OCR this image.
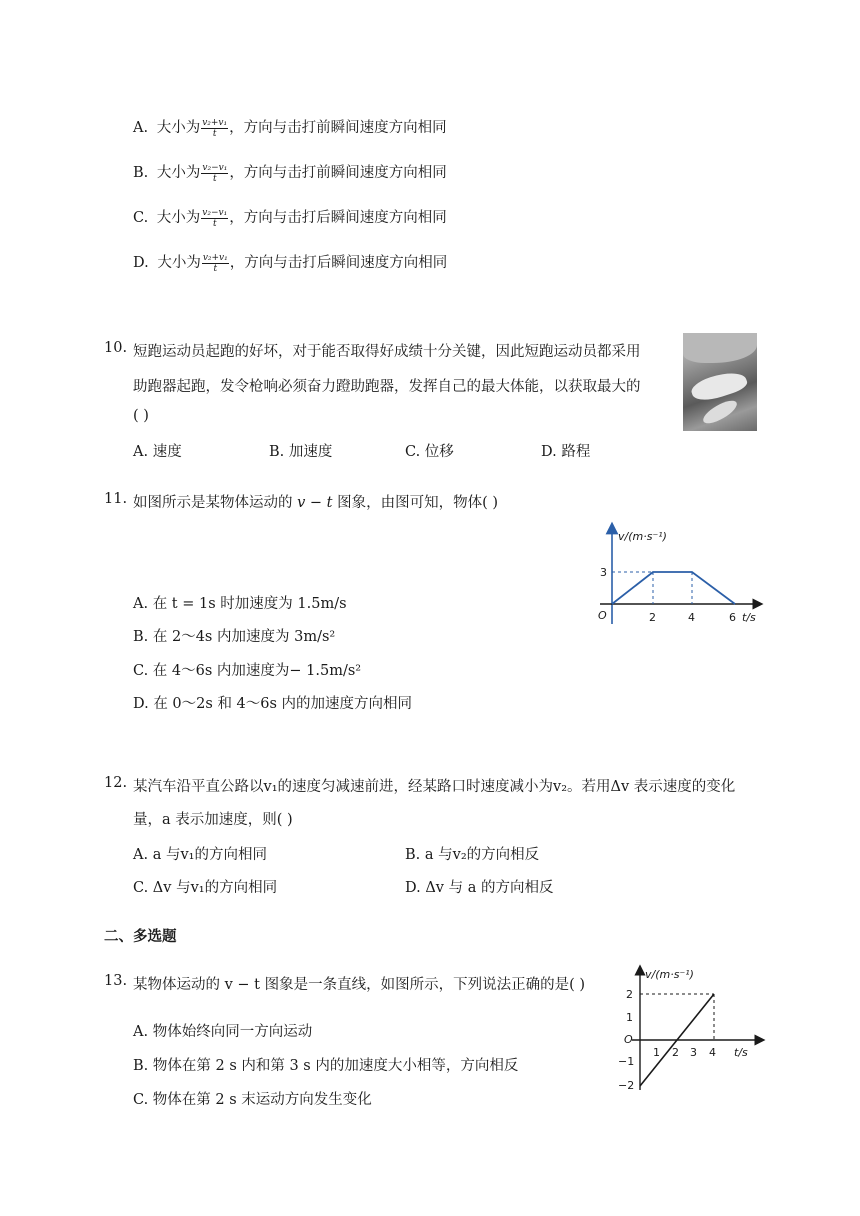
A. 大小为 $\frac{\text{v₂+v₁}}{t}$ ，方向与击打前瞬间速度方向相同
B. 大小为 $\frac{\text{v₂−v₁}}{t}$ ，方向与击打前瞬间速度方向相同
C. 大小为 $\frac{\text{v₂−v₁}}{t}$ ，方向与击打后瞬间速度方向相同
D. 大小为 $\frac{\text{v₂+v₁}}{t}$ ，方向与击打后瞬间速度方向相同
10. 短跑运动员起跑的好坏，对于能否取得好成绩十分关键，因此短跑运动员都采用
助跑器起跑，发令枪响必须奋力蹬助跑器，发挥自己的最大体能，以获取最大的
( )
A. 速度	B. 加速度	C. 位移	D. 路程
11. 如图所示是某物体运动的 v − t 图象，由图可知，物体( )
A. 在 t = 1s 时加速度为 1.5m/s
B. 在 2～4s 内加速度为 3m/s²
C. 在 4～6s 内加速度为− 1.5m/s²
D. 在 0～2s 和 4～6s 内的加速度方向相同
v/(m·s⁻¹)
3
O	2	4	6 t/s
12. 某汽车沿平直公路以v₁的速度匀减速前进，经某路口时速度减小为v₂。若用Δv 表示速度的变化
量，a 表示加速度，则( )
A. a 与v₁的方向相同	B. a 与v₂的方向相反
C. Δv 与v₁的方向相同	D. Δv 与 a 的方向相反
二、多选题
13. 某物体运动的 v − t 图象是一条直线，如图所示，下列说法正确的是( )
A. 物体始终向同一方向运动
B. 物体在第 2 s 内和第 3 s 内的加速度大小相等，方向相反
C. 物体在第 2 s 末运动方向发生变化
v/(m·s⁻¹)
2
1
O
−1
−2
1 2 3 4 t/s
